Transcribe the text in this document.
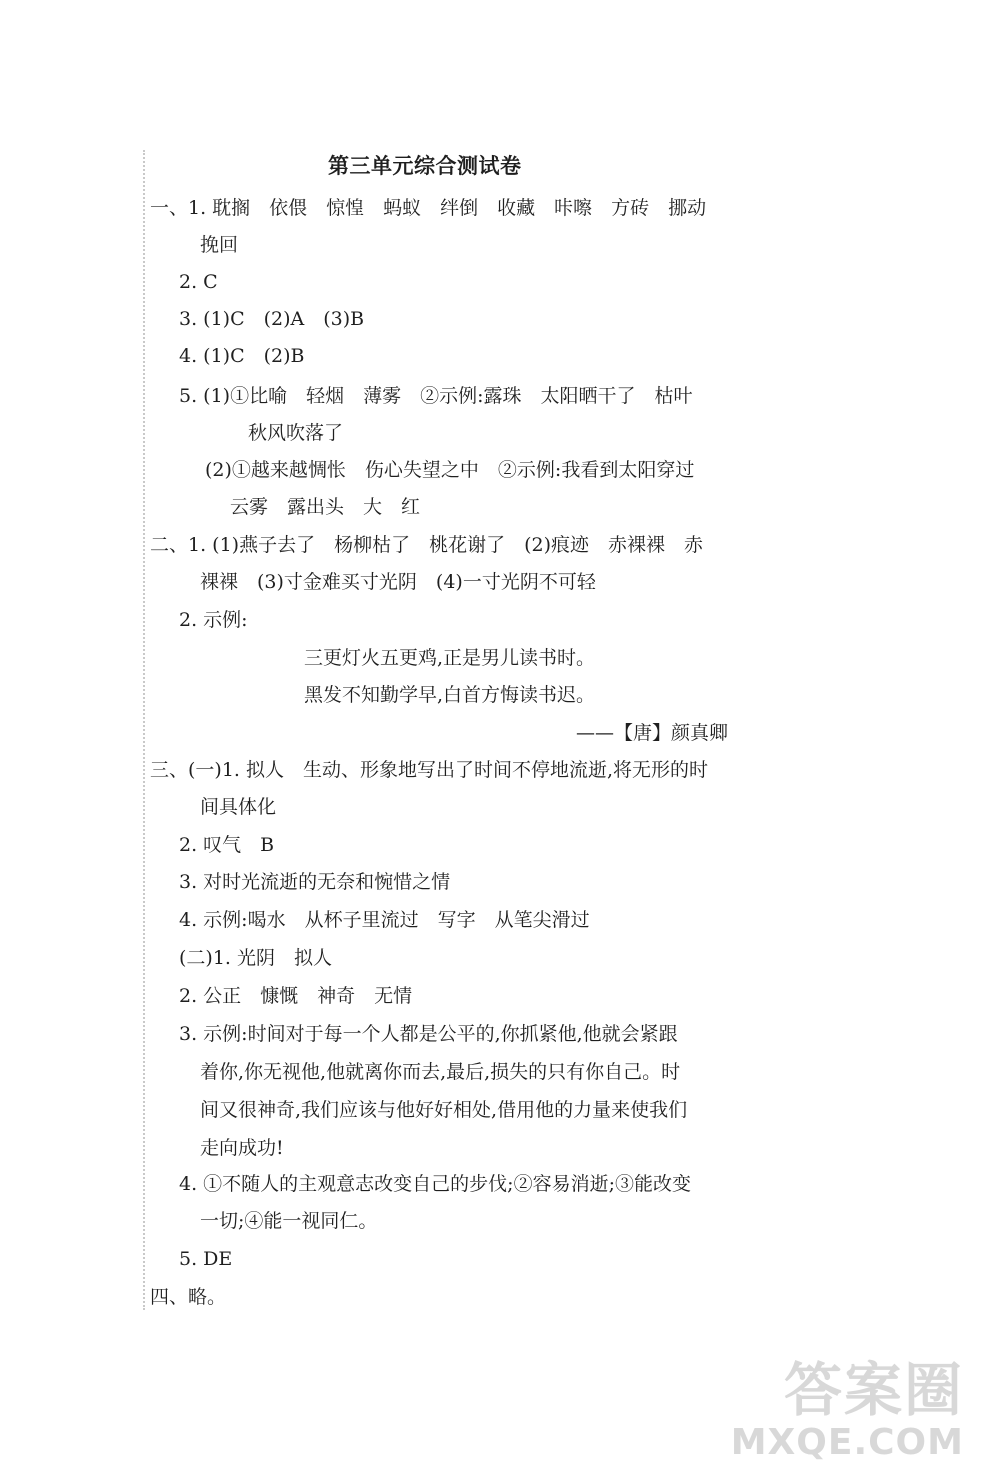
第三单元综合测试卷
一、1. 耽搁　依偎　惊惶　蚂蚁　绊倒　收藏　咔嚓　方砖　挪动
挽回
2. C
3. (1)C　(2)A　(3)B
4. (1)C　(2)B
5. (1)①比喻　轻烟　薄雾　②示例:露珠　太阳晒干了　枯叶
秋风吹落了
(2)①越来越惆怅　伤心失望之中　②示例:我看到太阳穿过
云雾　露出头　大　红
二、1. (1)燕子去了　杨柳枯了　桃花谢了　(2)痕迹　赤裸裸　赤
裸裸　(3)寸金难买寸光阴　(4)一寸光阴不可轻
2. 示例:
三更灯火五更鸡,正是男儿读书时。
黑发不知勤学早,白首方悔读书迟。
——【唐】颜真卿
三、(一)1. 拟人　生动、形象地写出了时间不停地流逝,将无形的时
间具体化
2. 叹气　B
3. 对时光流逝的无奈和惋惜之情
4. 示例:喝水　从杯子里流过　写字　从笔尖滑过
(二)1. 光阴　拟人
2. 公正　慷慨　神奇　无情
3. 示例:时间对于每一个人都是公平的,你抓紧他,他就会紧跟
着你,你无视他,他就离你而去,最后,损失的只有你自己。时
间又很神奇,我们应该与他好好相处,借用他的力量来使我们
走向成功!
4. ①不随人的主观意志改变自己的步伐;②容易消逝;③能改变
一切;④能一视同仁。
5. DE
四、略。
答案圈
MXQE.COM
